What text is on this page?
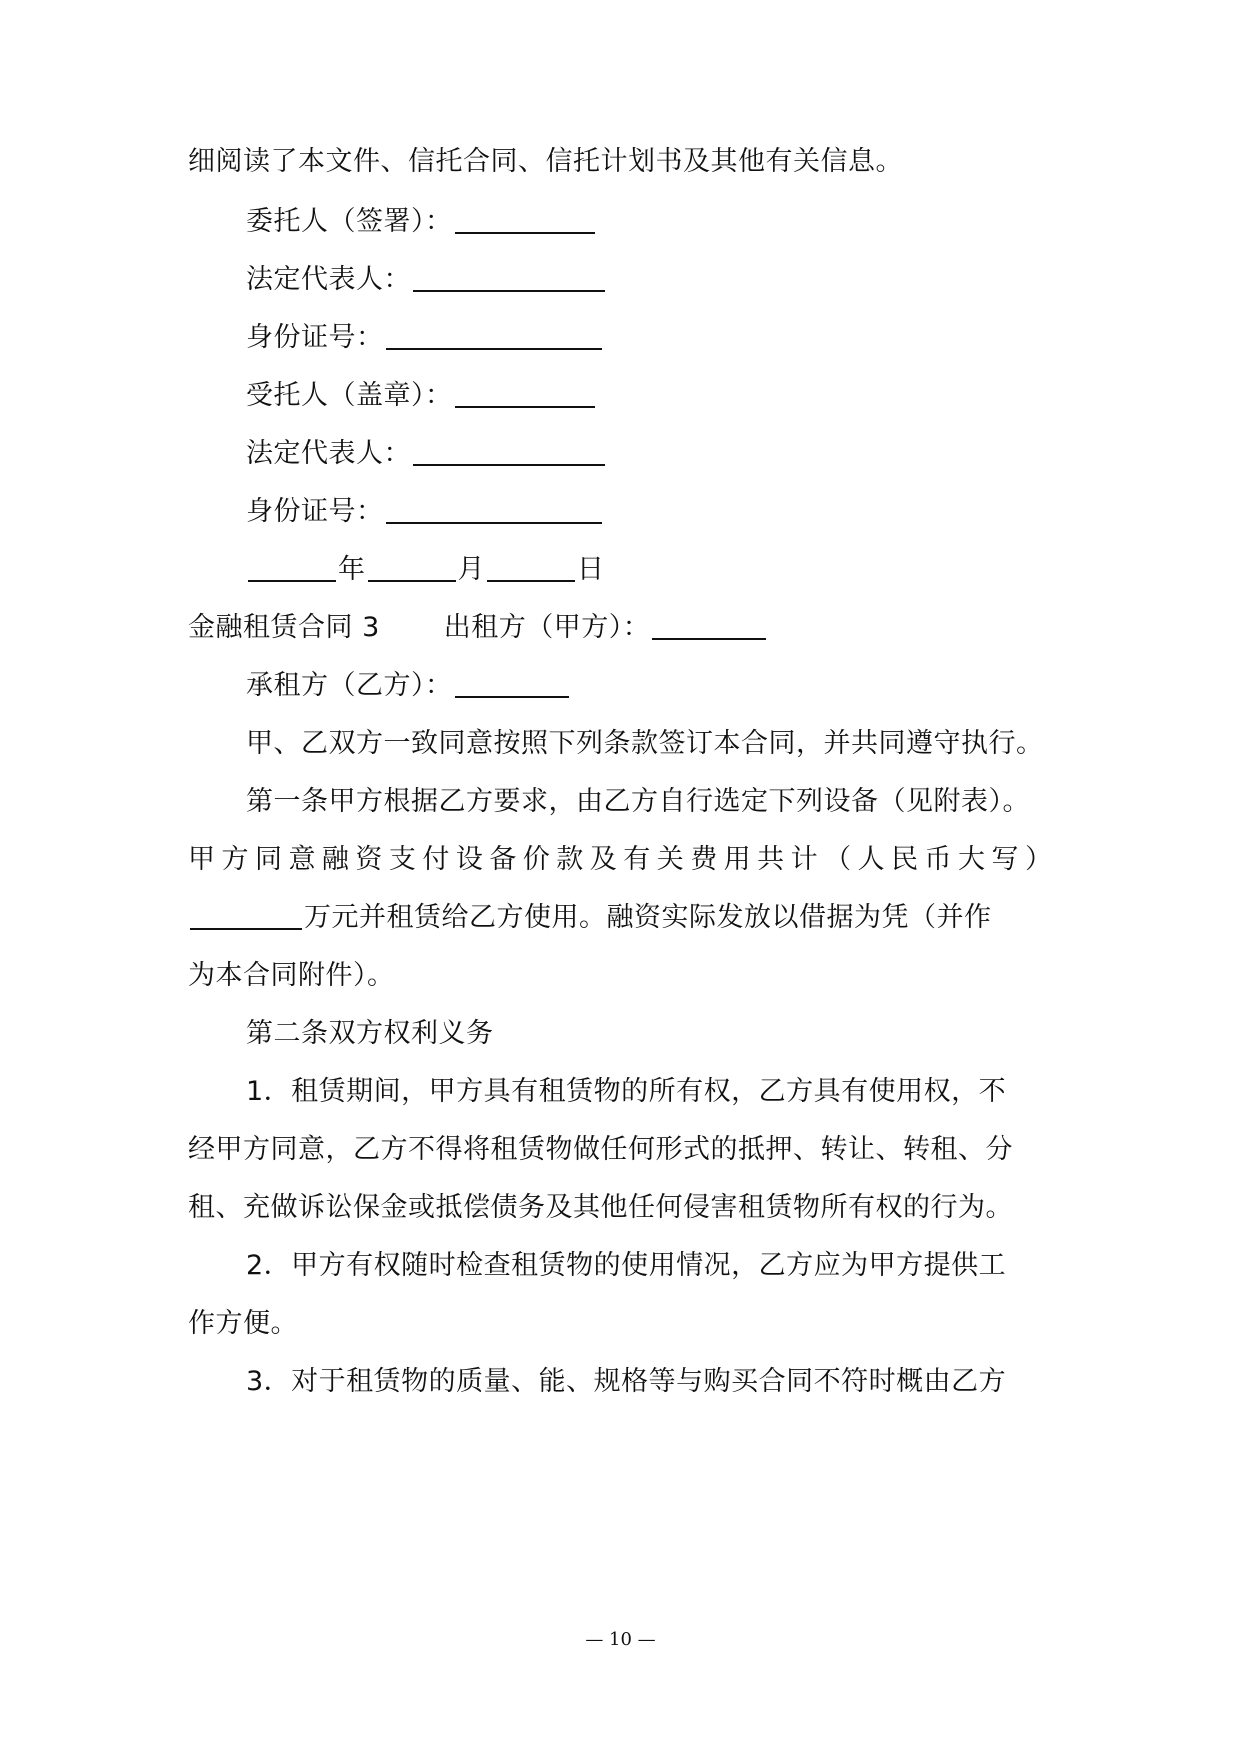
细阅读了本文件、信托合同、信托计划书及其他有关信息。
委托人（签署）：
法定代表人：
身份证号：
受托人（盖章）：
法定代表人：
身份证号：
年	月	日
金融租赁合同 3 出租方（甲方）：
承租方（乙方）：
甲、乙双方一致同意按照下列条款签订本合同，并共同遵守执行。
第一条甲方根据乙方要求，由乙方自行选定下列设备（见附表）。
甲方同意融资支付设备价款及有关费用共计（人民币大写）
万元并租赁给乙方使用。融资实际发放以借据为凭（并作
为本合同附件）。
第二条双方权利义务
1．租赁期间，甲方具有租赁物的所有权，乙方具有使用权，不
经甲方同意，乙方不得将租赁物做任何形式的抵押、转让、转租、分
租、充做诉讼保金或抵偿债务及其他任何侵害租赁物所有权的行为。
2．甲方有权随时检查租赁物的使用情况，乙方应为甲方提供工
作方便。
3．对于租赁物的质量、能、规格等与购买合同不符时概由乙方
— 10 —
